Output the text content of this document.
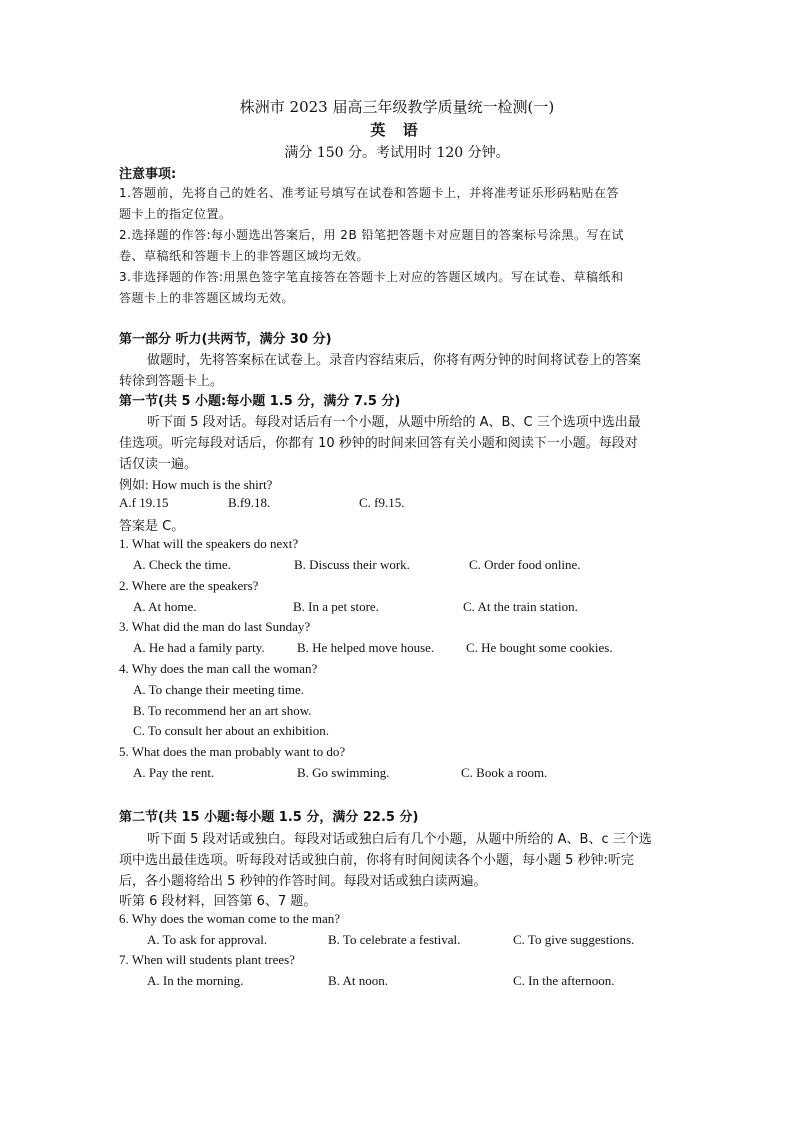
株洲市 2023 届高三年级教学质量统一检测(一)
英 语
满分 150 分。考试用时 120 分钟。
注意事项:
1.答题前，先将自己的姓名、准考证号填写在试卷和答题卡上，并将准考证乐形码粘贴在答
题卡上的指定位置。
2.选择题的作答:每小题选出答案后，用 2B 铅笔把答题卡对应题目的答案标号涂黑。写在试
卷、草稿纸和答题卡上的非答题区域均无效。
3.非选择题的作答:用黑色签字笔直接答在答题卡上对应的答题区域内。写在试卷、草稿纸和
答题卡上的非答题区域均无效。
第一部分 听力(共两节，满分 30 分)
做题时，先将答案标在试卷上。录音内容结束后，你将有两分钟的时间将试卷上的答案
转徐到答题卡上。
第一节(共 5 小题:每小题 1.5 分，满分 7.5 分)
听下面 5 段对话。每段对话后有一个小题，从题中所给的 A、B、C 三个选项中选出最
佳选项。听完每段对话后，你都有 10 秒钟的时间来回答有关小题和阅读下一小题。每段对
话仅读一遍。
例如: How much is the shirt?
A.f 19.15	B.f9.18.	C. f9.15.
答案是 C。
1. What will the speakers do next?
A. Check the time.	B. Discuss their work.	C. Order food online.
2. Where are the speakers?
A. At home.	B. In a pet store.	C. At the train station.
3. What did the man do last Sunday?
A. He had a family party. B. He helped move house. C. He bought some cookies.
4. Why does the man call the woman?
A. To change their meeting time.
B. To recommend her an art show.
C. To consult her about an exhibition.
5. What does the man probably want to do?
A. Pay the rent.	B. Go swimming.	C. Book a room.
第二节(共 15 小题:每小题 1.5 分，满分 22.5 分)
听下面 5 段对话或独白。每段对话或独白后有几个小题，从题中所给的 A、B、c 三个选
项中选出最佳选项。听每段对话或独白前，你将有时间阅读各个小题，每小题 5 秒钟:听完
后，各小题将给出 5 秒钟的作答时间。每段对话或独白读两遍。
听第 6 段材料，回答第 6、7 题。
6. Why does the woman come to the man?
A. To ask for approval.	B. To celebrate a festival.	C. To give suggestions.
7. When will students plant trees?
A. In the morning.	B. At noon.	C. In the afternoon.
